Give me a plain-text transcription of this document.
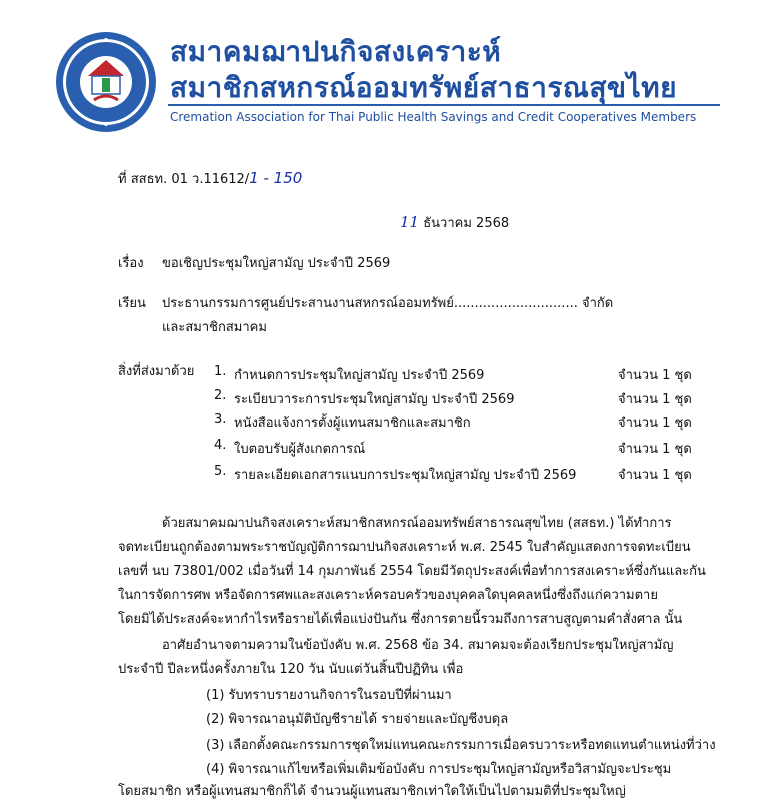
สมาคมฌาปนกิจสงเคราะห์
สมาชิกสหกรณ์ออมทรัพย์สาธารณสุขไทย
Cremation Association for Thai Public Health Savings and Credit Cooperatives Members
ที่ สสธท. 01 ว.11612/1 - 150
11 ธันวาคม 2568
เรื่อง ขอเชิญประชุมใหญ่สามัญ ประจำปี 2569
เรียน ประธานกรรมการศูนย์ประสานงานสหกรณ์ออมทรัพย์.............................. จำกัด
และสมาชิกสมาคม
สิ่งที่ส่งมาด้วย 1. กำหนดการประชุมใหญ่สามัญ ประจำปี 2569	จำนวน 1 ชุด
2. ระเบียบวาระการประชุมใหญ่สามัญ ประจำปี 2569	จำนวน 1 ชุด
3. หนังสือแจ้งการตั้งผู้แทนสมาชิกและสมาชิก	จำนวน 1 ชุด
4. ใบตอบรับผู้สังเกตการณ์	จำนวน 1 ชุด
5. รายละเอียดเอกสารแนบการประชุมใหญ่สามัญ ประจำปี 2569	จำนวน 1 ชุด
ด้วยสมาคมฌาปนกิจสงเคราะห์สมาชิกสหกรณ์ออมทรัพย์สาธารณสุขไทย (สสธท.) ได้ทำการ
จดทะเบียนถูกต้องตามพระราชบัญญัติการฌาปนกิจสงเคราะห์ พ.ศ. 2545 ใบสำคัญแสดงการจดทะเบียน
เลขที่ นบ 73801/002 เมื่อวันที่ 14 กุมภาพันธ์ 2554 โดยมีวัตถุประสงค์เพื่อทำการสงเคราะห์ซึ่งกันและกัน
ในการจัดการศพ หรือจัดการศพและสงเคราะห์ครอบครัวของบุคคลใดบุคคลหนึ่งซึ่งถึงแก่ความตาย
โดยมิได้ประสงค์จะหากำไรหรือรายได้เพื่อแบ่งปันกัน ซึ่งการตายนี้รวมถึงการสาบสูญตามคำสั่งศาล นั้น
อาศัยอำนาจตามความในข้อบังคับ พ.ศ. 2568 ข้อ 34. สมาคมจะต้องเรียกประชุมใหญ่สามัญ
ประจำปี ปีละหนึ่งครั้งภายใน 120 วัน นับแต่วันสิ้นปีปฏิทิน เพื่อ
(1) รับทราบรายงานกิจการในรอบปีที่ผ่านมา
(2) พิจารณาอนุมัติบัญชีรายได้ รายจ่ายและบัญชีงบดุล
(3) เลือกตั้งคณะกรรมการชุดใหม่แทนคณะกรรมการเมื่อครบวาระหรือทดแทนตำแหน่งที่ว่าง
(4) พิจารณาแก้ไขหรือเพิ่มเติมข้อบังคับ การประชุมใหญ่สามัญหรือวิสามัญจะประชุม
โดยสมาชิก หรือผู้แทนสมาชิกก็ได้ จำนวนผู้แทนสมาชิกเท่าใดให้เป็นไปตามมติที่ประชุมใหญ่
